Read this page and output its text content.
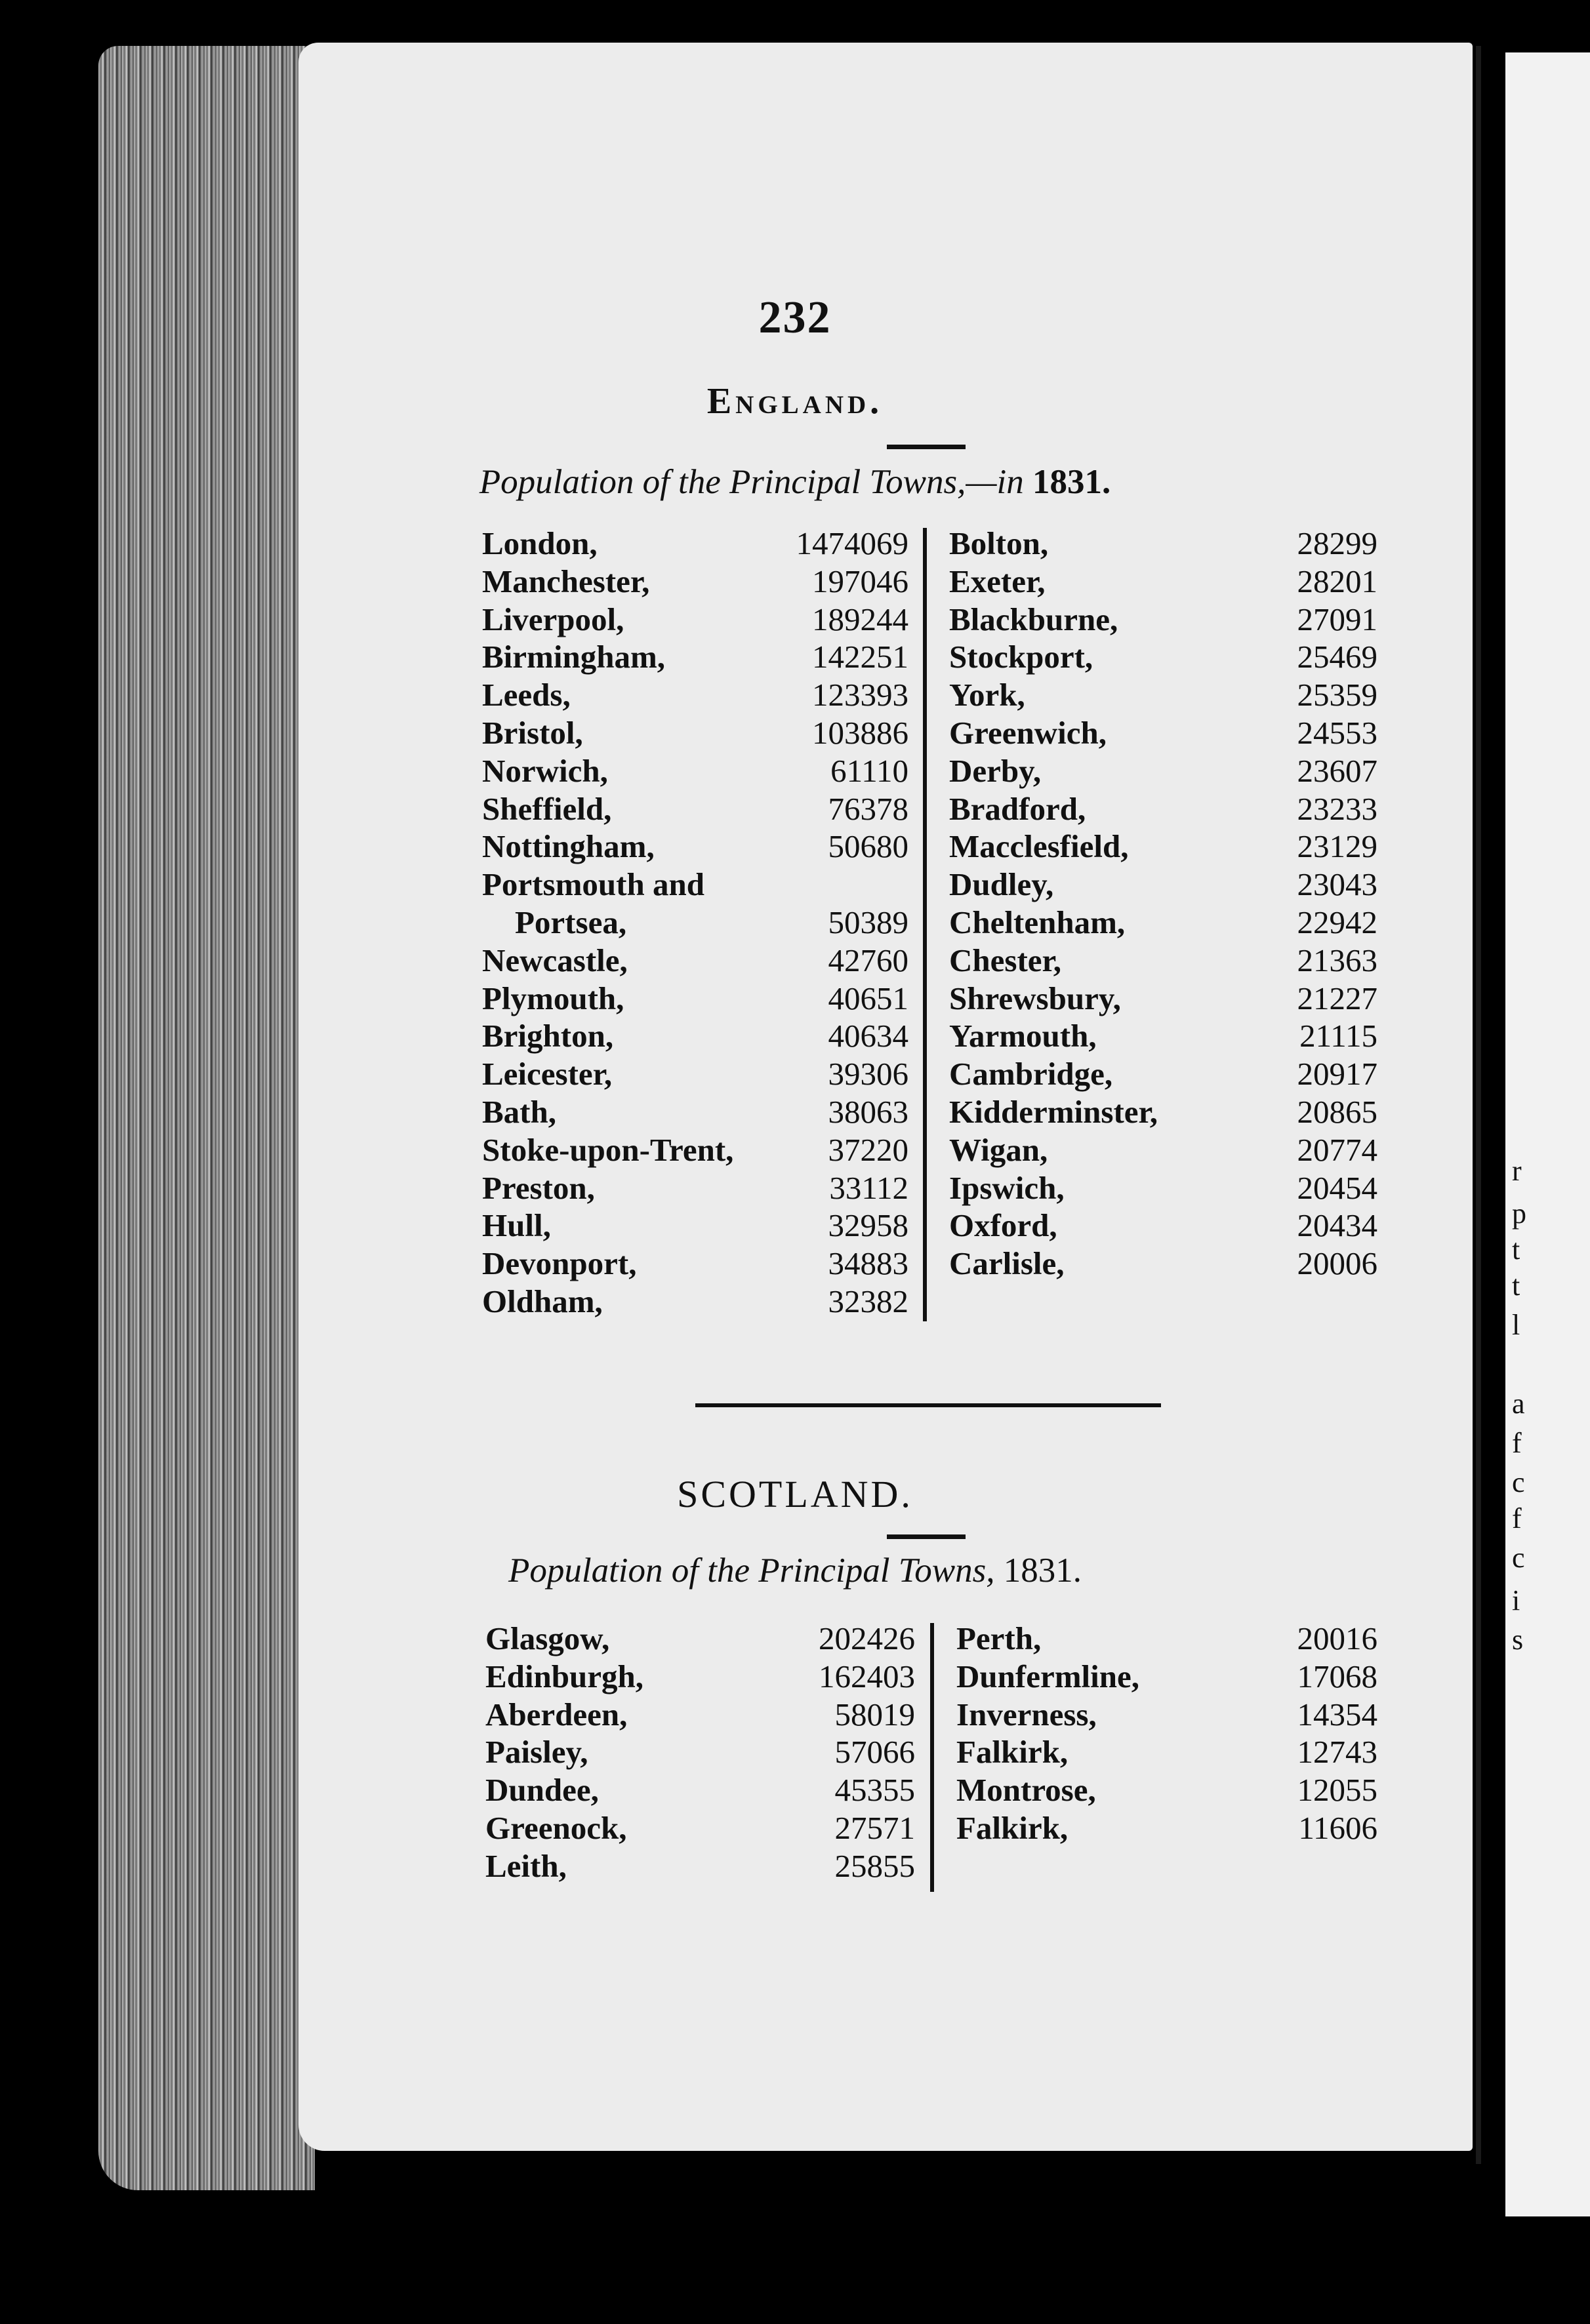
r
p
t
t
l
a
f
c
f
c
i
s
232
England.
Population of the Principal Towns,—in 1831.
London,	1474069
Manchester,	197046
Liverpool,	189244
Birmingham,	142251
Leeds,	123393
Bristol,	103886
Norwich,	61110
Sheffield,	76378
Nottingham,	50680
Portsmouth and
Portsea,	50389
Newcastle,	42760
Plymouth,	40651
Brighton,	40634
Leicester,	39306
Bath,	38063
Stoke-upon-Trent,	37220
Preston,	33112
Hull,	32958
Devonport,	34883
Oldham,	32382
Bolton,	28299
Exeter,	28201
Blackburne,	27091
Stockport,	25469
York,	25359
Greenwich,	24553
Derby,	23607
Bradford,	23233
Macclesfield,	23129
Dudley,	23043
Cheltenham,	22942
Chester,	21363
Shrewsbury,	21227
Yarmouth,	21115
Cambridge,	20917
Kidderminster,	20865
Wigan,	20774
Ipswich,	20454
Oxford,	20434
Carlisle,	20006
SCOTLAND.
Population of the Principal Towns, 1831.
Glasgow,	202426
Edinburgh,	162403
Aberdeen,	58019
Paisley,	57066
Dundee,	45355
Greenock,	27571
Leith,	25855
Perth,	20016
Dunfermline,	17068
Inverness,	14354
Falkirk,	12743
Montrose,	12055
Falkirk,	11606
